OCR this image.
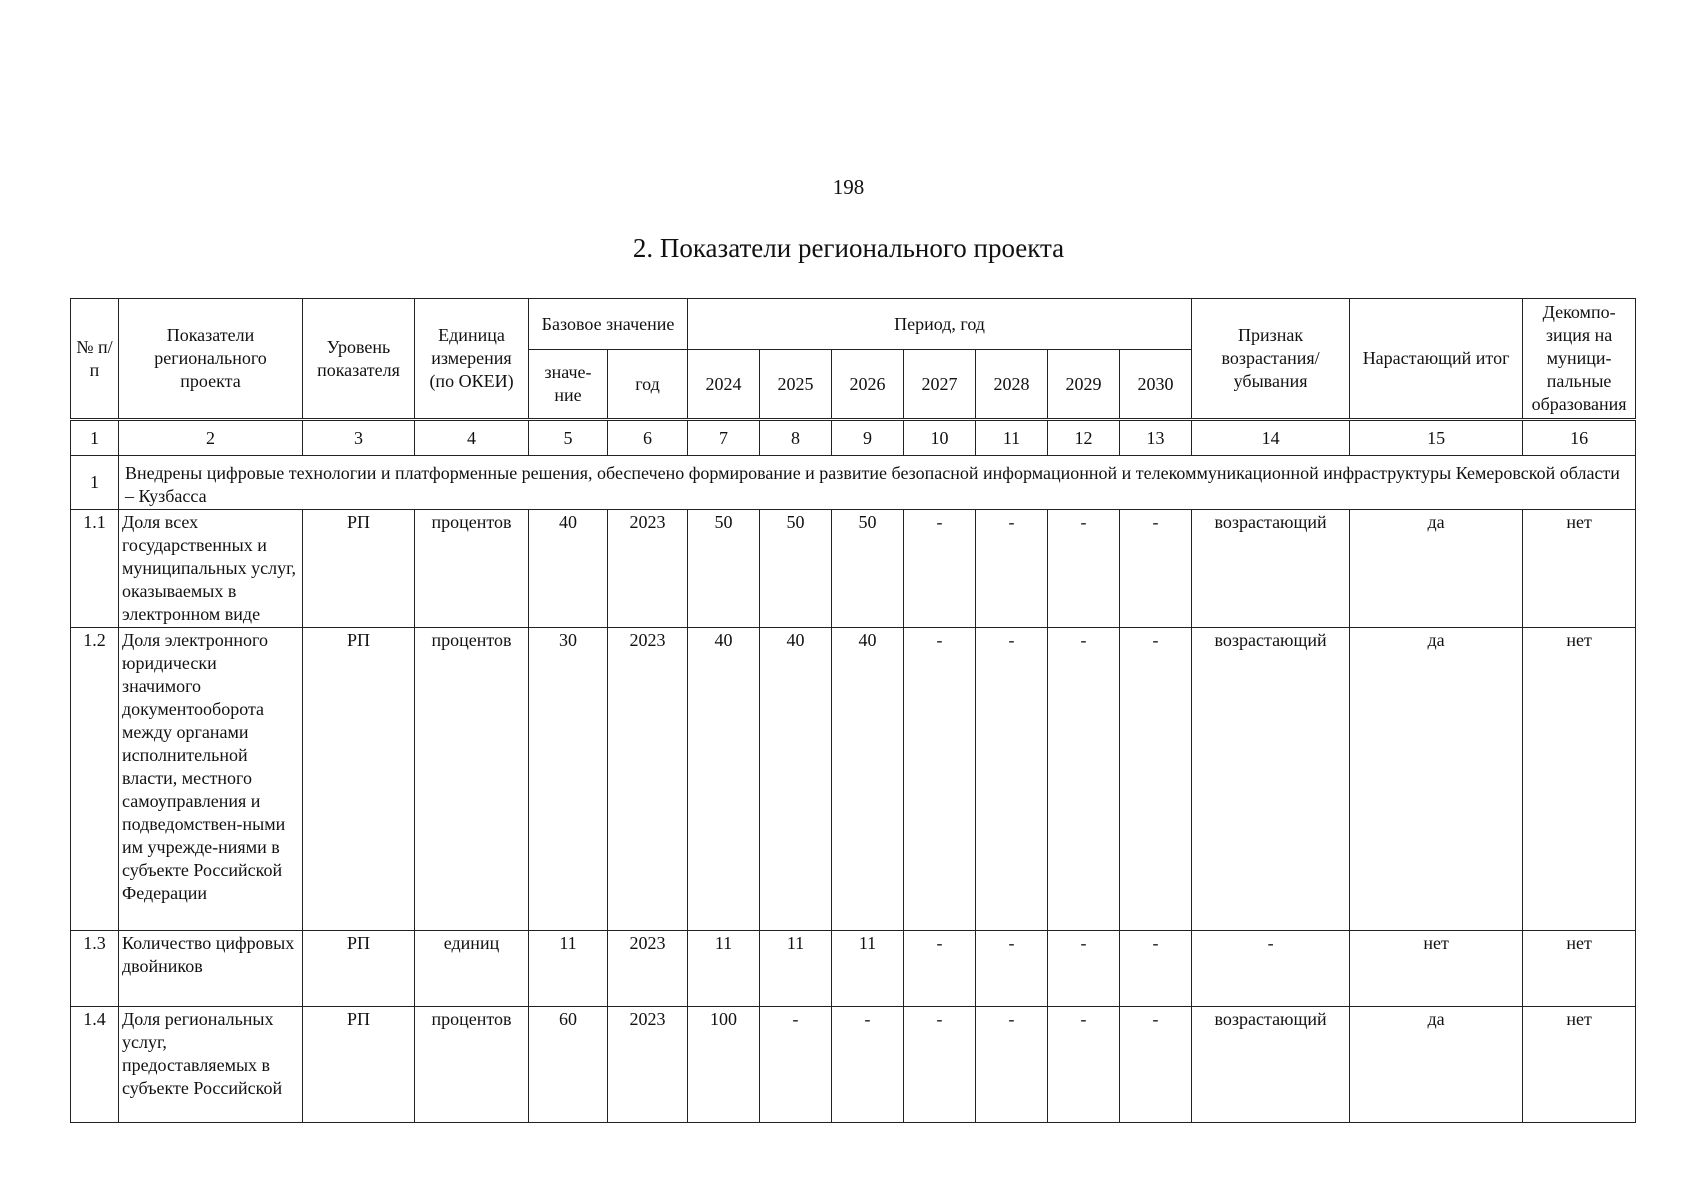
198
2. Показатели регионального проекта
№ п/п	Показатели регионального проекта	Уровень показателя	Единица измерения (по ОКЕИ)	Базовое значение		Период, год							Признак возрастания/ убывания	Нарастающий итог	Декомпо-зиция на муници-пальные образования
				значе-ние	год	2024	2025	2026	2027	2028	2029	2030			
1	2	3	4	5	6	7	8	9	10	11	12	13	14	15	16
1	Внедрены цифровые технологии и платформенные решения, обеспечено формирование и развитие безопасной информационной и телекоммуникационной инфраструктуры Кемеровской области – Кузбасса														
1.1	Доля всех государственных и муниципальных услуг, оказываемых в электронном виде	РП	процентов	40	2023	50	50	50	-	-	-	-	возрастающий	да	нет
1.2	Доля электронного юридически значимого документооборота между органами исполнительной власти, местного самоуправления и подведомствен-ными им учрежде-ниями в субъекте Российской Федерации	РП	процентов	30	2023	40	40	40	-	-	-	-	возрастающий	да	нет
1.3	Количество цифровых двойников	РП	единиц	11	2023	11	11	11	-	-	-	-	-	нет	нет
1.4	Доля региональных услуг, предоставляемых в субъекте Российской	РП	процентов	60	2023	100	-	-	-	-	-	-	возрастающий	да	нет
